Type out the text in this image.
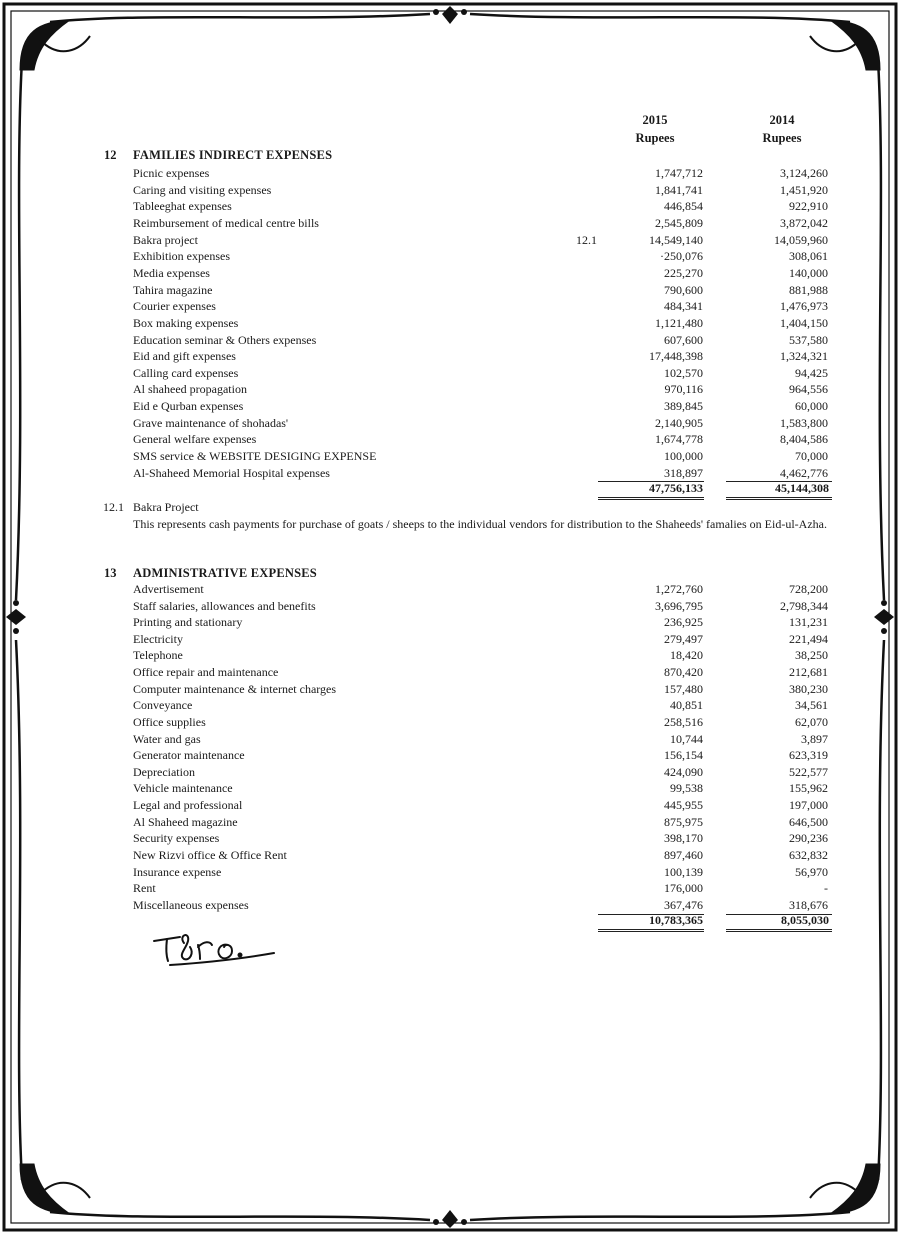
2015
Rupees
2014
Rupees
12 FAMILIES INDIRECT EXPENSES
Picnic expenses	1,747,712	3,124,260
Caring and visiting expenses	1,841,741	1,451,920
Tableeghat expenses	446,854	922,910
Reimbursement of medical centre bills	2,545,809	3,872,042
Bakra project	12.1	14,549,140	14,059,960
Exhibition expenses	·250,076	308,061
Media expenses	225,270	140,000
Tahira magazine	790,600	881,988
Courier expenses	484,341	1,476,973
Box making expenses	1,121,480	1,404,150
Education seminar & Others expenses	607,600	537,580
Eid and gift expenses	17,448,398	1,324,321
Calling card expenses	102,570	94,425
Al shaheed propagation	970,116	964,556
Eid e Qurban expenses	389,845	60,000
Grave maintenance of shohadas'	2,140,905	1,583,800
General welfare expenses	1,674,778	8,404,586
SMS service & WEBSITE DESIGING EXPENSE	100,000	70,000
Al-Shaheed Memorial Hospital expenses	318,897	4,462,776
47,756,133	45,144,308
12.1 Bakra Project
This represents cash payments for purchase of goats / sheeps to the individual vendors for distribution to the Shaheeds' famalies on Eid-ul-Azha.
13 ADMINISTRATIVE EXPENSES
Advertisement	1,272,760	728,200
Staff salaries, allowances and benefits	3,696,795	2,798,344
Printing and stationary	236,925	131,231
Electricity	279,497	221,494
Telephone	18,420	38,250
Office repair and maintenance	870,420	212,681
Computer maintenance & internet charges	157,480	380,230
Conveyance	40,851	34,561
Office supplies	258,516	62,070
Water and gas	10,744	3,897
Generator maintenance	156,154	623,319
Depreciation	424,090	522,577
Vehicle maintenance	99,538	155,962
Legal and professional	445,955	197,000
Al Shaheed magazine	875,975	646,500
Security expenses	398,170	290,236
New Rizvi office & Office Rent	897,460	632,832
Insurance expense	100,139	56,970
Rent	176,000	-
Miscellaneous expenses	367,476	318,676
10,783,365	8,055,030
